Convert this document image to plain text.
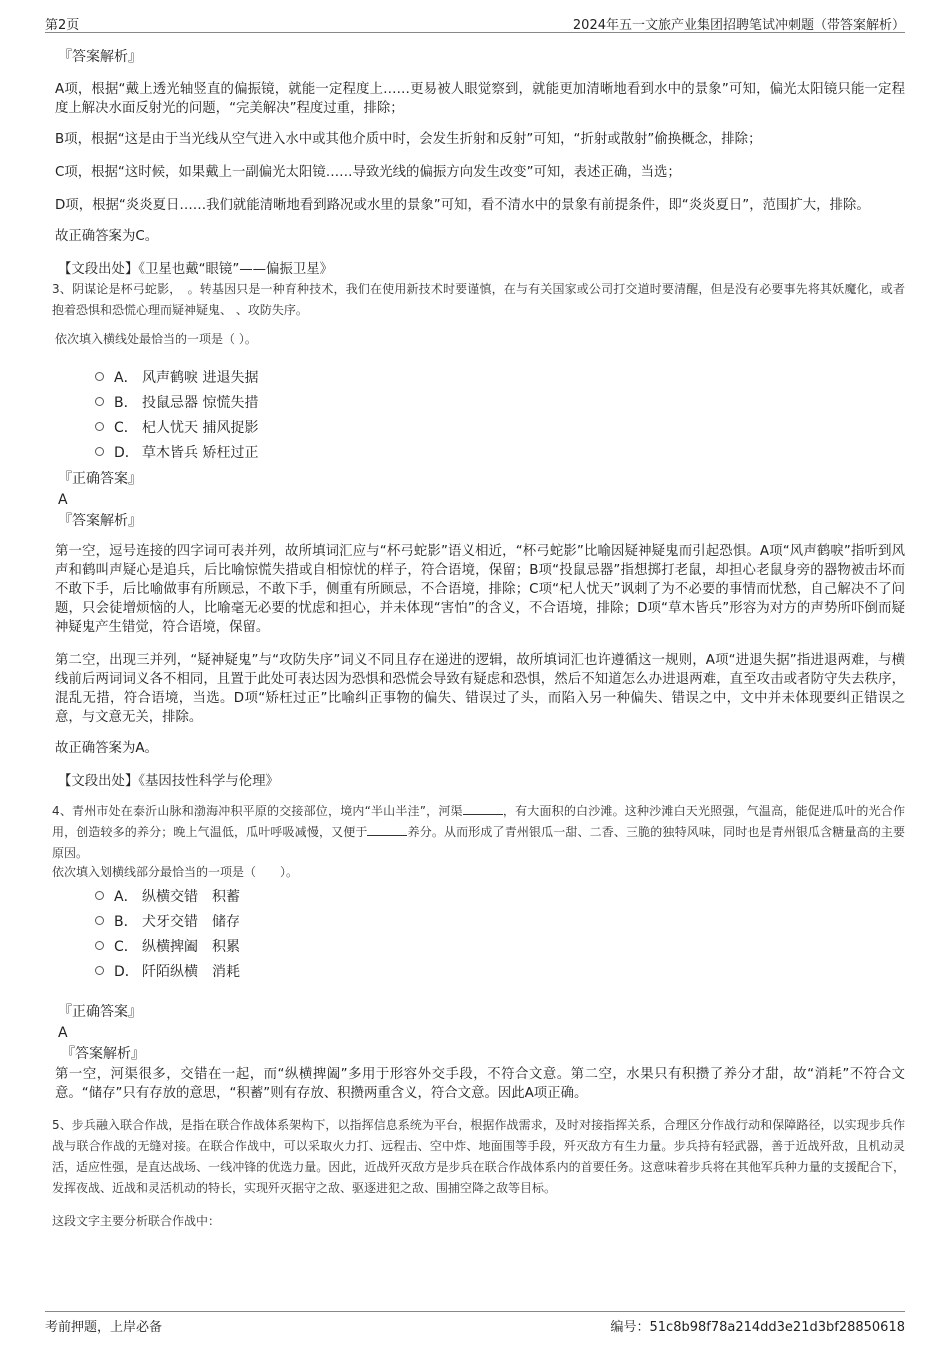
第2页	2024年五一文旅产业集团招聘笔试冲刺题（带答案解析）
『答案解析』

A项，根据“戴上透光轴竖直的偏振镜，就能一定程度上……更易被人眼觉察到，就能更加清晰地看到水中的景象”可知，偏光太阳镜只能一定程度上解决水面反射光的问题，“完美解决”程度过重，排除；

B项，根据“这是由于当光线从空气进入水中或其他介质中时，会发生折射和反射”可知，“折射或散射”偷换概念，排除；

C项，根据“这时候，如果戴上一副偏光太阳镜……导致光线的偏振方向发生改变”可知，表述正确，当选；

D项，根据“炎炎夏日……我们就能清晰地看到路况或水里的景象”可知，看不清水中的景象有前提条件，即“炎炎夏日”，范围扩大，排除。

故正确答案为C。

【文段出处】《卫星也戴“眼镜”——偏振卫星》

3、阴谋论是杯弓蛇影，　。转基因只是一种育种技术，我们在使用新技术时要谨慎，在与有关国家或公司打交道时要清醒，但是没有必要事先将其妖魔化，或者抱着恐惧和恐慌心理而疑神疑鬼、 、攻防失序。

依次填入横线处最恰当的一项是（ ）。

A． 风声鹤唳 进退失据
B． 投鼠忌器 惊慌失措
C． 杞人忧天 捕风捉影
D． 草木皆兵 矫枉过正
『正确答案』
A
『答案解析』

第一空，逗号连接的四字词可表并列，故所填词汇应与“杯弓蛇影”语义相近，“杯弓蛇影”比喻因疑神疑鬼而引起恐惧。A项“风声鹤唳”指听到风声和鹤叫声疑心是追兵，后比喻惊慌失措或自相惊忧的样子，符合语境，保留；B项“投鼠忌器”指想掷打老鼠，却担心老鼠身旁的器物被击坏而不敢下手，后比喻做事有所顾忌，不敢下手，侧重有所顾忌，不合语境，排除；C项“杞人忧天”讽刺了为不必要的事情而忧愁，自己解决不了问题，只会徒增烦恼的人，比喻毫无必要的忧虑和担心，并未体现“害怕”的含义，不合语境，排除；D项“草木皆兵”形容为对方的声势所吓倒而疑神疑鬼产生错觉，符合语境，保留。

第二空，出现三并列，“疑神疑鬼”与“攻防失序”词义不同且存在递进的逻辑，故所填词汇也许遵循这一规则，A项“进退失据”指进退两难，与横线前后两词词义各不相同，且置于此处可表达因为恐惧和恐慌会导致有疑虑和恐惧，然后不知道怎么办进退两难，直至攻击或者防守失去秩序，混乱无措，符合语境，当选。D项“矫枉过正”比喻纠正事物的偏失、错误过了头，而陷入另一种偏失、错误之中，文中并未体现要纠正错误之意，与文意无关，排除。

故正确答案为A。

【文段出处】《基因技性科学与伦理》

4、青州市处在泰沂山脉和渤海冲积平原的交接部位，境内“半山半洼”，河渠	，有大面积的白沙滩。这种沙滩白天光照强，气温高，能促进瓜叶的光合作用，创造较多的养分；晚上气温低，瓜叶呼吸减慢，又便于	养分。从而形成了青州银瓜一甜、二香、三脆的独特风味，同时也是青州银瓜含糖量高的主要原因。

依次填入划横线部分最恰当的一项是（　　）。

A． 纵横交错　积蓄
B． 犬牙交错　储存
C． 纵横捭阖　积累
D． 阡陌纵横　消耗
『正确答案』
A
『答案解析』

第一空，河渠很多，交错在一起，而“纵横捭阖”多用于形容外交手段，不符合文意。第二空，水果只有积攒了养分才甜，故“消耗”不符合文意。“储存”只有存放的意思，“积蓄”则有存放、积攒两重含义，符合文意。因此A项正确。

5、步兵融入联合作战，是指在联合作战体系架构下，以指挥信息系统为平台，根据作战需求，及时对接指挥关系，合理区分作战行动和保障路径，以实现步兵作战与联合作战的无缝对接。在联合作战中，可以采取火力打、远程击、空中炸、地面围等手段，歼灭敌方有生力量。步兵持有轻武器，善于近战歼敌，且机动灵活，适应性强，是直达战场、一线冲锋的优选力量。因此，近战歼灭敌方是步兵在联合作战体系内的首要任务。这意味着步兵将在其他军兵种力量的支援配合下，发挥夜战、近战和灵活机动的特长，实现歼灭据守之敌、驱逐进犯之敌、围捕空降之敌等目标。

这段文字主要分析联合作战中：

考前押题，上岸必备	编号：51c8b98f78a214dd3e21d3bf28850618
